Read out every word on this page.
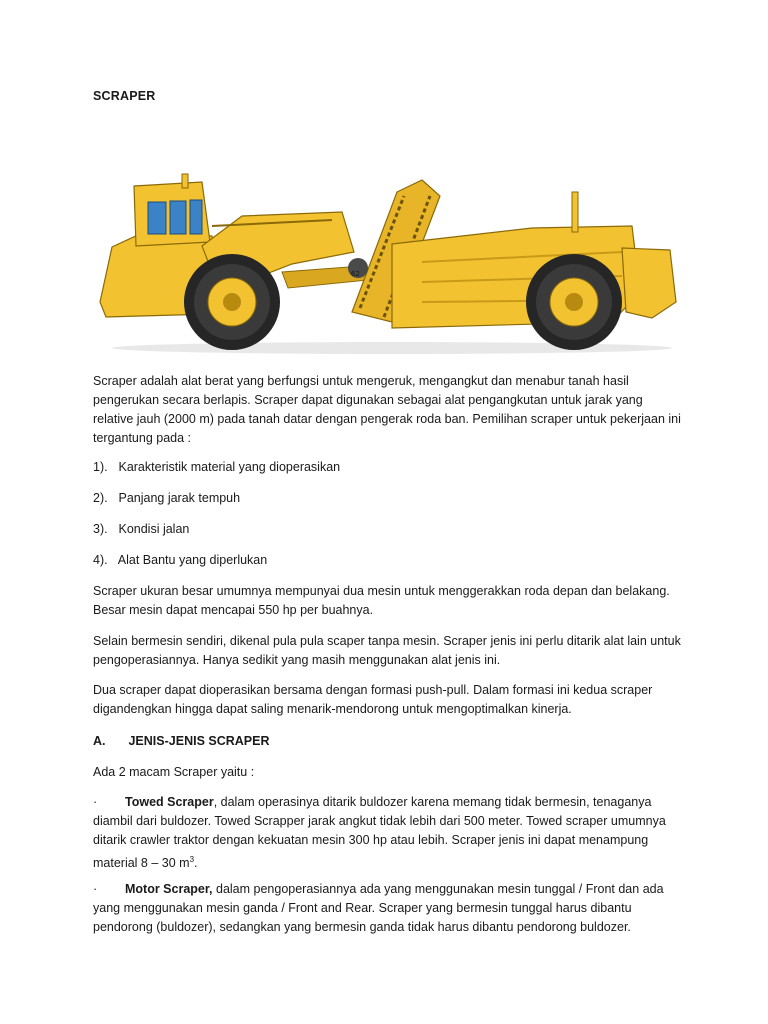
SCRAPER
62

Scraper adalah alat berat yang berfungsi untuk mengeruk, mengangkut dan menabur tanah hasil pengerukan secara berlapis. Scraper dapat digunakan sebagai alat pengangkutan untuk jarak yang relative jauh (2000 m) pada tanah datar dengan pengerak roda ban. Pemilihan scraper untuk pekerjaan ini tergantung pada :

1). Karakteristik material yang dioperasikan
2). Panjang jarak tempuh
3). Kondisi jalan
4). Alat Bantu yang diperlukan

Scraper ukuran besar umumnya mempunyai dua mesin untuk menggerakkan roda depan dan belakang. Besar mesin dapat mencapai 550 hp per buahnya.

Selain bermesin sendiri, dikenal pula pula scaper tanpa mesin. Scraper jenis ini perlu ditarik alat lain untuk pengoperasiannya. Hanya sedikit yang masih menggunakan alat jenis ini.

Dua scraper dapat dioperasikan bersama dengan formasi push-pull. Dalam formasi ini kedua scraper digandengkan hingga dapat saling menarik-mendorong untuk mengoptimalkan kinerja.

A. JENIS-JENIS SCRAPER

Ada 2 macam Scraper yaitu :

· Towed Scraper, dalam operasinya ditarik buldozer karena memang tidak bermesin, tenaganya diambil dari buldozer. Towed Scrapper jarak angkut tidak lebih dari 500 meter. Towed scraper umumnya ditarik crawler traktor dengan kekuatan mesin 300 hp atau lebih. Scraper jenis ini dapat menampung material 8 – 30 $m^3$.

· Motor Scraper, dalam pengoperasiannya ada yang menggunakan mesin tunggal / Front dan ada yang menggunakan mesin ganda / Front and Rear. Scraper yang bermesin tunggal harus dibantu pendorong (buldozer), sedangkan yang bermesin ganda tidak harus dibantu pendorong buldozer.
